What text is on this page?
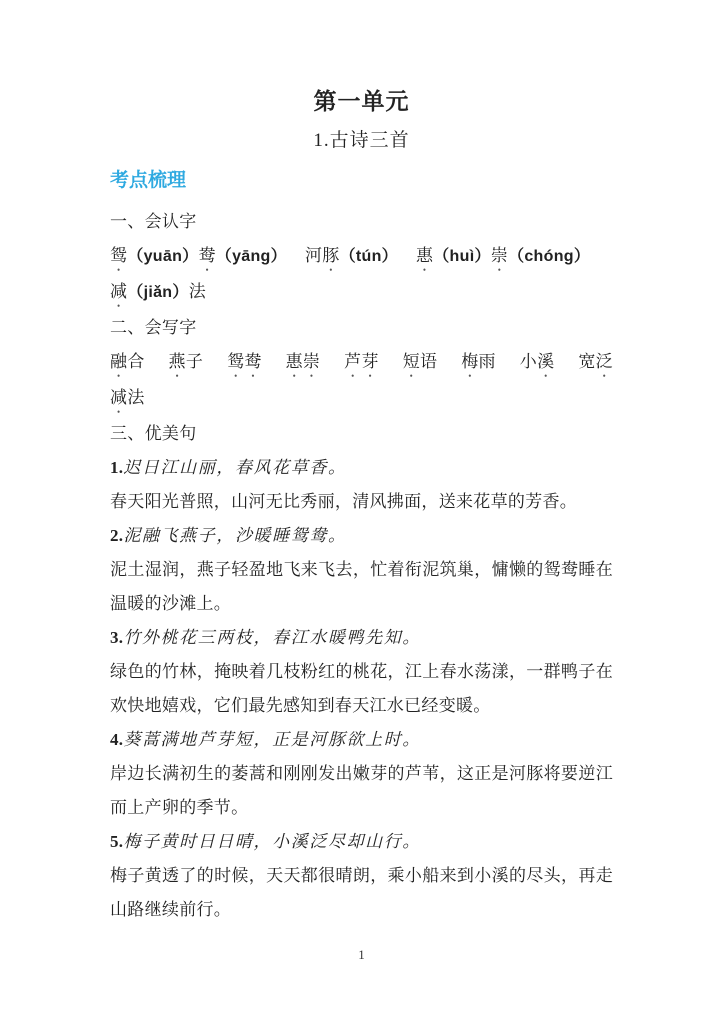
第一单元
1.古诗三首
考点梳理

一、会认字

鸳（yuān）鸯（yāng） 河豚（tún） 惠（huì）崇（chóng）

减（jiǎn）法

二、会写字

融合 燕子 鸳鸯 惠崇 芦芽 短语 梅雨 小溪 宽泛

减法

三、优美句

1.迟日江山丽，春风花草香。

春天阳光普照，山河无比秀丽，清风拂面，送来花草的芳香。

2.泥融飞燕子，沙暖睡鸳鸯。

泥土湿润，燕子轻盈地飞来飞去，忙着衔泥筑巢，慵懒的鸳鸯睡在温暖的沙滩上。

3.竹外桃花三两枝，春江水暖鸭先知。

绿色的竹林，掩映着几枝粉红的桃花，江上春水荡漾，一群鸭子在欢快地嬉戏，它们最先感知到春天江水已经变暖。

4.葵蒿满地芦芽短，正是河豚欲上时。

岸边长满初生的萎蒿和刚刚发出嫩芽的芦苇，这正是河豚将要逆江而上产卵的季节。

5.梅子黄时日日晴，小溪泛尽却山行。

梅子黄透了的时候，天天都很晴朗，乘小船来到小溪的尽头，再走山路继续前行。

1
